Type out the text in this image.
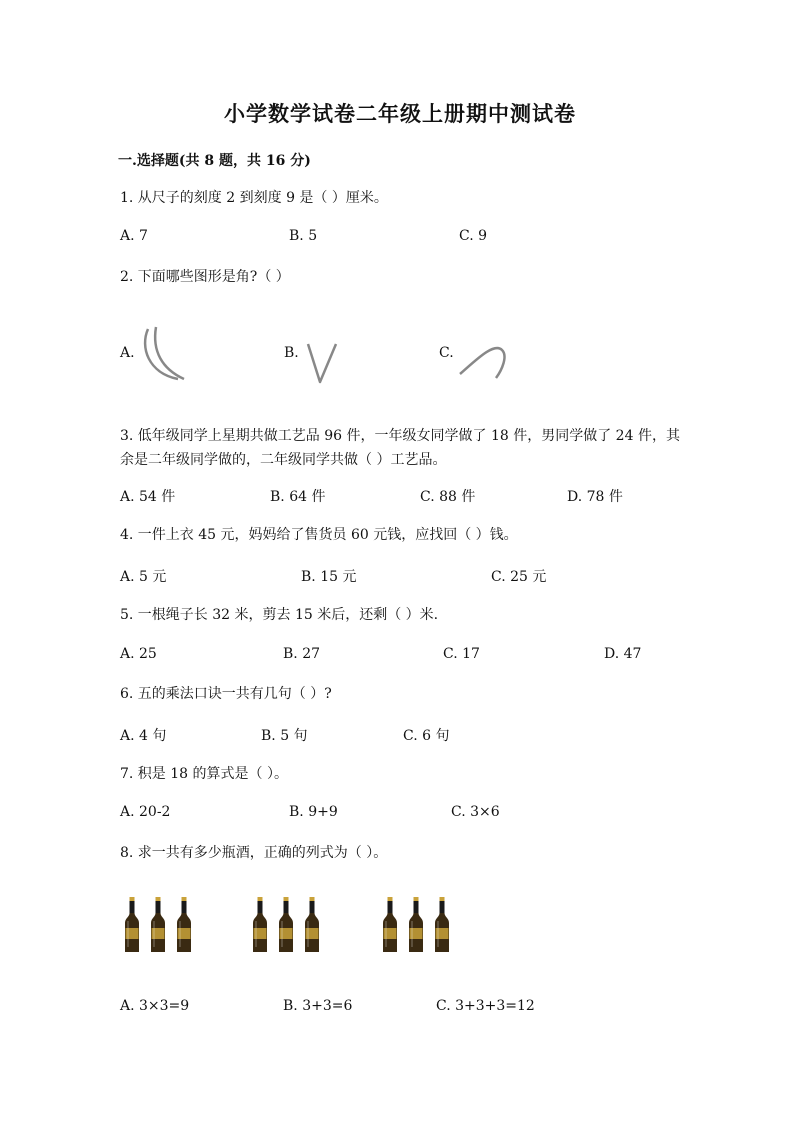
小学数学试卷二年级上册期中测试卷
一.选择题(共 8 题，共 16 分)
1. 从尺子的刻度 2 到刻度 9 是（ ）厘米。
A. 7	B. 5	C. 9
2. 下面哪些图形是角?（ ）
A.	B.	C.
3. 低年级同学上星期共做工艺品 96 件，一年级女同学做了 18 件，男同学做了 24 件，其余是二年级同学做的，二年级同学共做（ ）工艺品。
A. 54 件	B. 64 件	C. 88 件	D. 78 件
4. 一件上衣 45 元，妈妈给了售货员 60 元钱，应找回（ ）钱。
A. 5 元	B. 15 元	C. 25 元
5. 一根绳子长 32 米，剪去 15 米后，还剩（ ）米.
A. 25	B. 27	C. 17	D. 47
6. 五的乘法口诀一共有几句（ ）?
A. 4 句	B. 5 句	C. 6 句
7. 积是 18 的算式是（ ）。
A. 20-2	B. 9+9	C. 3×6
8. 求一共有多少瓶酒，正确的列式为（ ）。
A. 3×3=9	B. 3+3=6	C. 3+3+3=12
